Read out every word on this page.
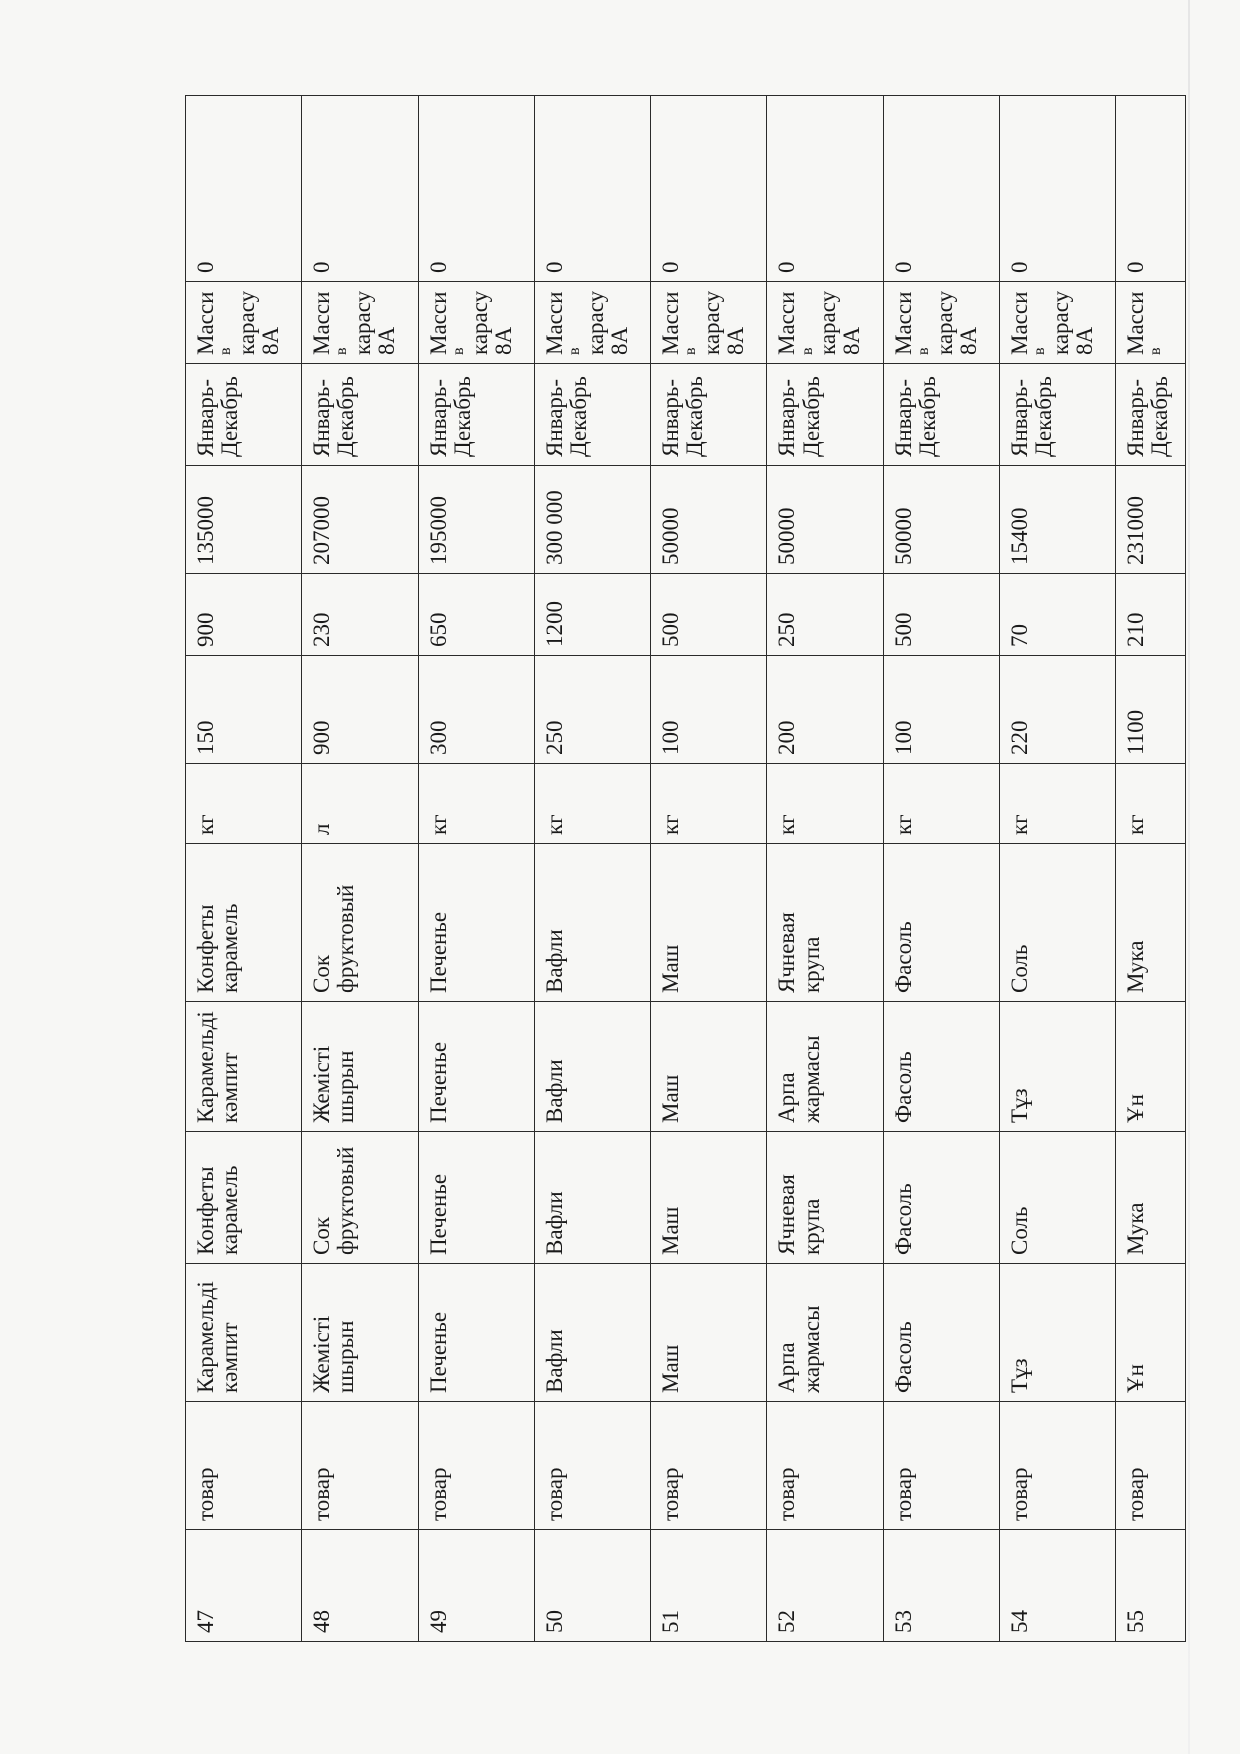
47	товар	Карамельді кәмпит	Конфеты карамель	Карамельді кәмпит	Конфеты карамель	кг	150	900	135000	Январь-Декабрь	Масси в карасу 8А	0
48	товар	Жемісті шырын	Сок фруктовый	Жемісті шырын	Сок фруктовый	л	900	230	207000	Январь-Декабрь	Масси в карасу 8А	0
49	товар	Печенье	Печенье	Печенье	Печенье	кг	300	650	195000	Январь-Декабрь	Масси в карасу 8А	0
50	товар	Вафли	Вафли	Вафли	Вафли	кг	250	1200	300 000	Январь-Декабрь	Масси в карасу 8А	0
51	товар	Маш	Маш	Маш	Маш	кг	100	500	50000	Январь-Декабрь	Масси в карасу 8А	0
52	товар	Арпа жармасы	Ячневая крупа	Арпа жармасы	Ячневая крупа	кг	200	250	50000	Январь-Декабрь	Масси в карасу 8А	0
53	товар	Фасоль	Фасоль	Фасоль	Фасоль	кг	100	500	50000	Январь-Декабрь	Масси в карасу 8А	0
54	товар	Тұз	Соль	Тұз	Соль	кг	220	70	15400	Январь-Декабрь	Масси в карасу 8А	0
55	товар	Ұн	Мука	Ұн	Мука	кг	1100	210	231000	Январь-Декабрь	Масси в	0
